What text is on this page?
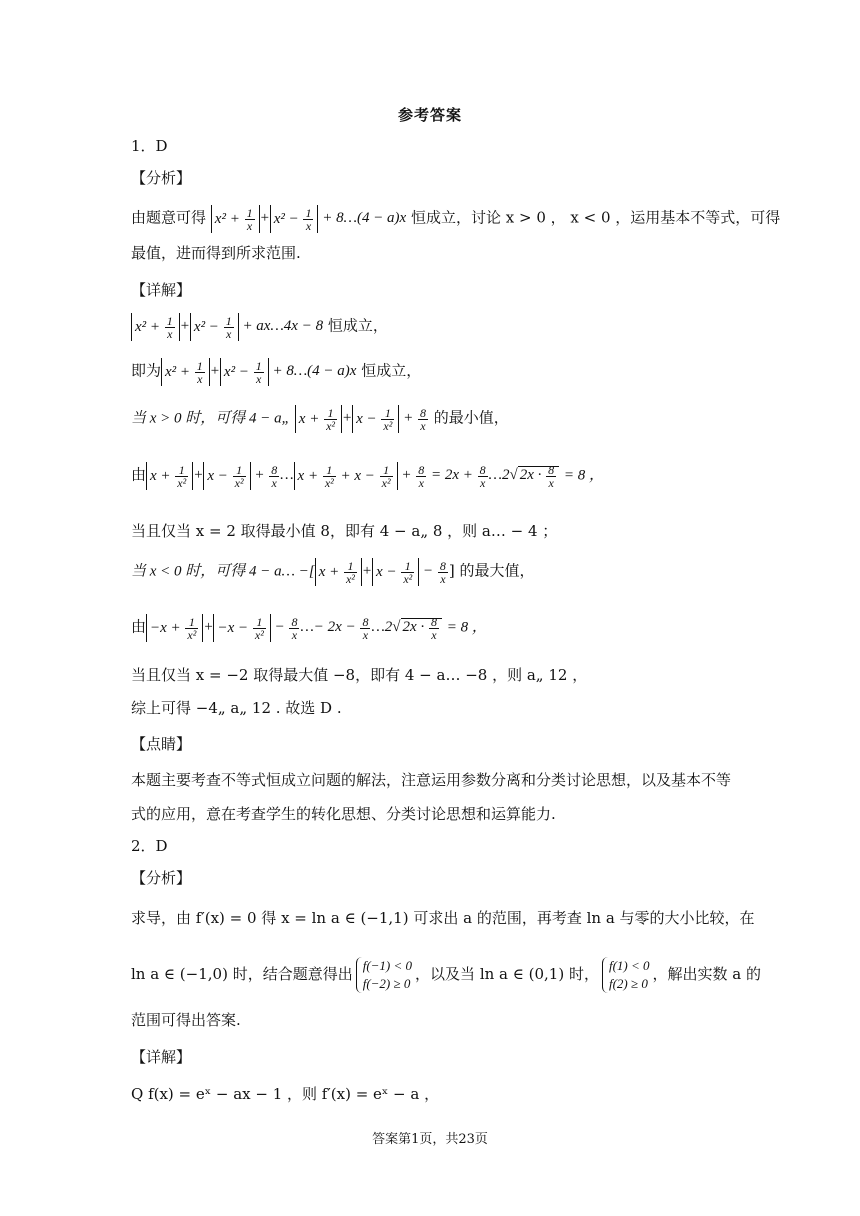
参考答案
1．D
【分析】
由题意可得 $x^2 + \frac{1}{x} + x^2 - \frac{1}{x}$ + 8…(4 − a)x 恒成立，讨论 x > 0 ， x < 0 ，运用基本不等式，可得
最值，进而得到所求范围.
【详解】
$x^2 + \frac{1}{x} + x^2 - \frac{1}{x}$ + ax…4x − 8 恒成立，
即为 $x^2 + \frac{1}{x} + x^2 - \frac{1}{x}$ + 8…(4 − a)x 恒成立，
当 x > 0 时，可得 4 − a„ $x + \frac{1}{\text{x²}} + x - \frac{1}{\text{x²}} + \frac{8}{x}$ 的最小值，
由 $x + \frac{1}{\text{x²}} + x - \frac{1}{\text{x²}} + \frac{8}{x}$ … $x + \frac{1}{\text{x²}} + x - \frac{1}{\text{x²}} + \frac{8}{x} = 2x + \frac{8}{x}$ …2√ $2x \cdot \frac{8}{x} = 8$ ，
当且仅当 x = 2 取得最小值 8，即有 4 − a„ 8 ，则 a… − 4 ；
当 x < 0 时，可得 4 − a… −[ $x + \frac{1}{\text{x²}} + x - \frac{1}{\text{x²}} - \frac{8}{x}$ ] 的最大值，
由 $-x + \frac{1}{\text{x²}} + -x - \frac{1}{\text{x²}} - \frac{8}{x}$ …− $2x - \frac{8}{x}$ …2√ $2x \cdot \frac{8}{x} = 8$ ，
当且仅当 x = −2 取得最大值 −8，即有 4 − a… −8 ，则 a„ 12 ，
综上可得 −4„ a„ 12 . 故选 D .
【点睛】
本题主要考查不等式恒成立问题的解法，注意运用参数分离和分类讨论思想，以及基本不等
式的应用，意在考查学生的转化思想、分类讨论思想和运算能力.
2．D
【分析】
求导，由 f′(x) = 0 得 x = ln a ∈ (−1,1) 可求出 a 的范围，再考查 ln a 与零的大小比较，在
ln a ∈ (−1,0) 时，结合题意得出 f(−1) < 0
f(−2) ≥ 0
，以及当 ln a ∈ (0,1) 时， f(1) < 0
f(2) ≥ 0
，解出实数 a 的
范围可得出答案.
【详解】
Q f(x) = eˣ − ax − 1 ，则 f′(x) = eˣ − a ，
答案第1页，共23页
